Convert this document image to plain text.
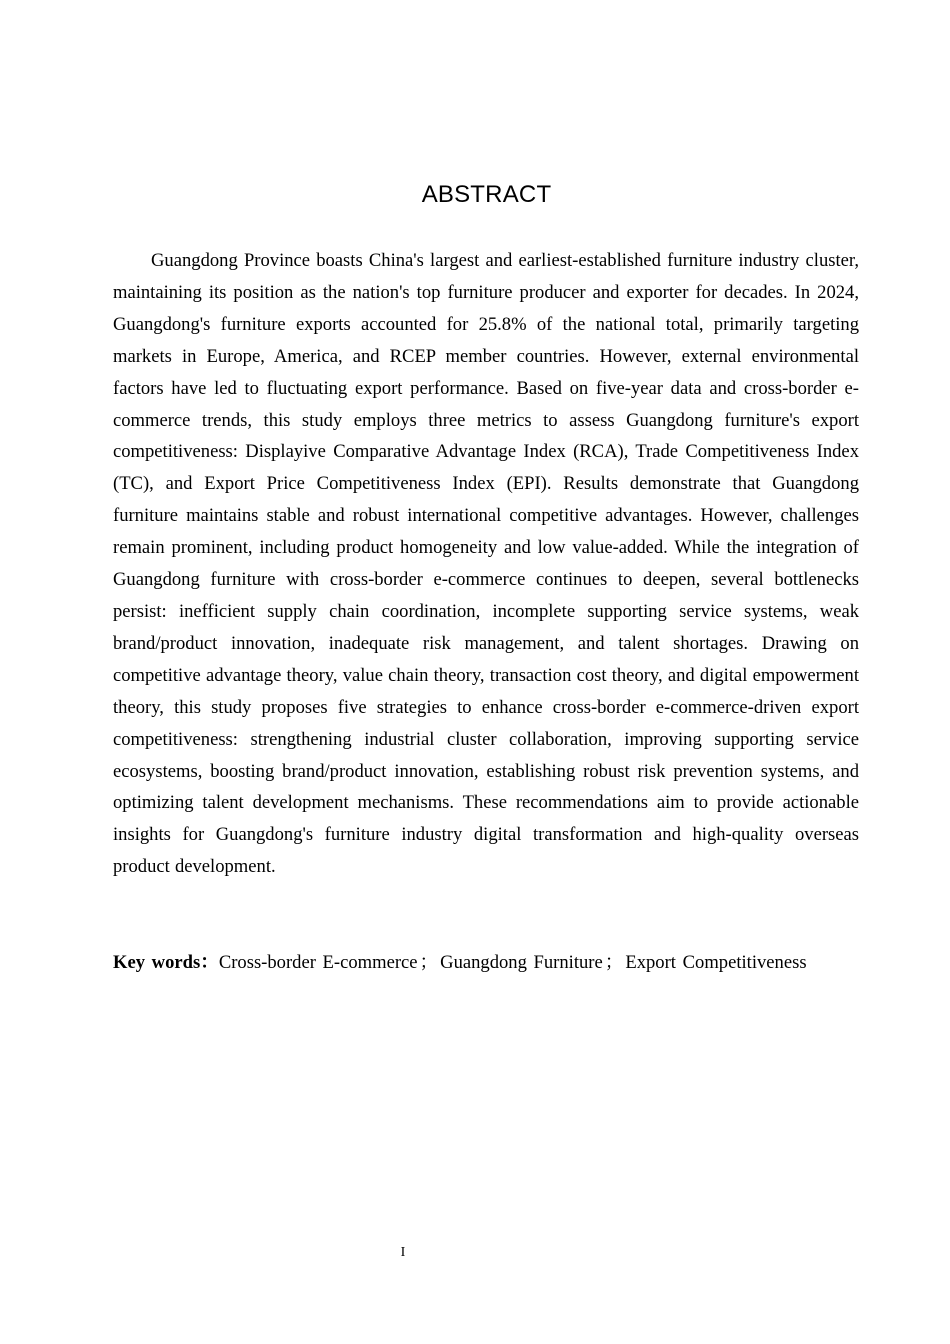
ABSTRACT

Guangdong Province boasts China's largest and earliest-established furniture industry cluster, maintaining its position as the nation's top furniture producer and exporter for decades. In 2024, Guangdong's furniture exports accounted for 25.8% of the national total, primarily targeting markets in Europe, America, and RCEP member countries. However, external environmental factors have led to fluctuating export performance. Based on five-year data and cross-border e-commerce trends, this study employs three metrics to assess Guangdong furniture's export competitiveness: Displayive Comparative Advantage Index (RCA), Trade Competitiveness Index (TC), and Export Price Competitiveness Index (EPI). Results demonstrate that Guangdong furniture maintains stable and robust international competitive advantages. However, challenges remain prominent, including product homogeneity and low value-added. While the integration of Guangdong furniture with cross-border e-commerce continues to deepen, several bottlenecks persist: inefficient supply chain coordination, incomplete supporting service systems, weak brand/product innovation, inadequate risk management, and talent shortages. Drawing on competitive advantage theory, value chain theory, transaction cost theory, and digital empowerment theory, this study proposes five strategies to enhance cross-border e-commerce-driven export competitiveness: strengthening industrial cluster collaboration, improving supporting service ecosystems, boosting brand/product innovation, establishing robust risk prevention systems, and optimizing talent development mechanisms. These recommendations aim to provide actionable insights for Guangdong's furniture industry digital transformation and high-quality overseas product development.

Key words：Cross-border E-commerce ； Guangdong Furniture ； Export Competitiveness

I
